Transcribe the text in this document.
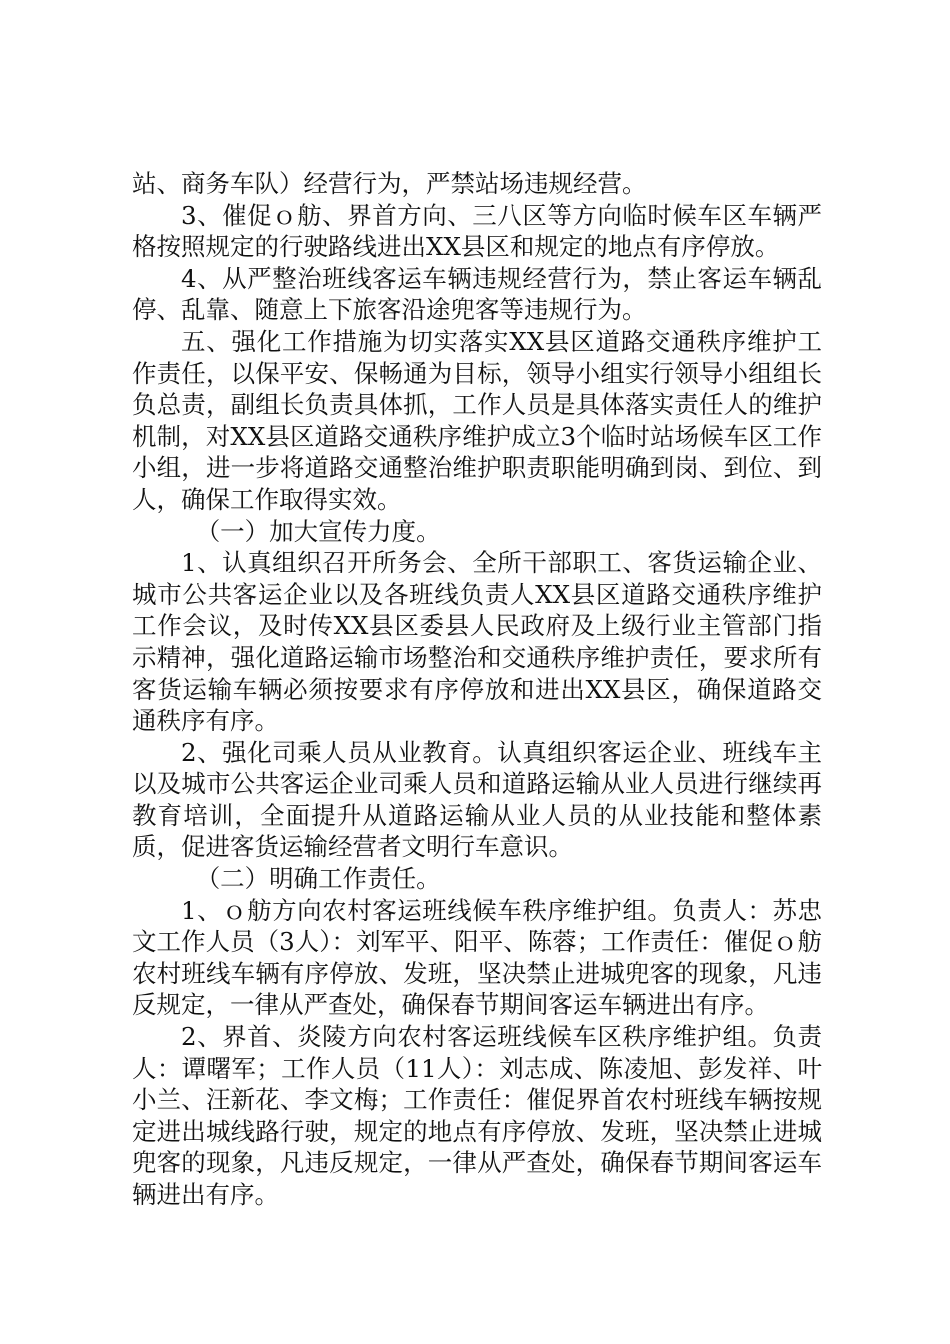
站、商务车队）经营行为，严禁站场违规经营。

3、催促ｏ舫、界首方向、三八区等方向临时候车区车辆严格按照规定的行驶路线进出XX县区和规定的地点有序停放。

4、从严整治班线客运车辆违规经营行为，禁止客运车辆乱停、乱靠、随意上下旅客沿途兜客等违规行为。

五、强化工作措施为切实落实XX县区道路交通秩序维护工作责任，以保平安、保畅通为目标，领导小组实行领导小组组长负总责，副组长负责具体抓，工作人员是具体落实责任人的维护机制，对XX县区道路交通秩序维护成立3个临时站场候车区工作小组，进一步将道路交通整治维护职责职能明确到岗、到位、到人，确保工作取得实效。

（一）加大宣传力度。

1、认真组织召开所务会、全所干部职工、客货运输企业、城市公共客运企业以及各班线负责人XX县区道路交通秩序维护工作会议，及时传XX县区委县人民政府及上级行业主管部门指示精神，强化道路运输市场整治和交通秩序维护责任，要求所有客货运输车辆必须按要求有序停放和进出XX县区，确保道路交通秩序有序。

2、强化司乘人员从业教育。认真组织客运企业、班线车主以及城市公共客运企业司乘人员和道路运输从业人员进行继续再教育培训，全面提升从道路运输从业人员的从业技能和整体素质，促进客货运输经营者文明行车意识。

（二）明确工作责任。

1、ｏ舫方向农村客运班线候车秩序维护组。负责人：苏忠文工作人员（3人）：刘军平、阳平、陈蓉；工作责任：催促ｏ舫农村班线车辆有序停放、发班，坚决禁止进城兜客的现象，凡违反规定，一律从严查处，确保春节期间客运车辆进出有序。

2、界首、炎陵方向农村客运班线候车区秩序维护组。负责人：谭曙军；工作人员（11人）：刘志成、陈凌旭、彭发祥、叶小兰、汪新花、李文梅；工作责任：催促界首农村班线车辆按规定进出城线路行驶，规定的地点有序停放、发班，坚决禁止进城兜客的现象，凡违反规定，一律从严查处，确保春节期间客运车辆进出有序。
